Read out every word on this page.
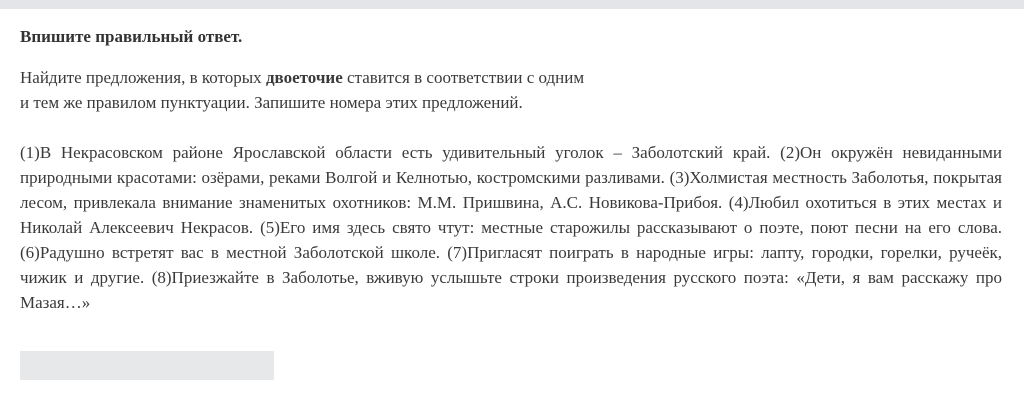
Впишите правильный ответ.

Найдите предложения, в которых двоеточие ставится в соответствии с одним
и тем же правилом пунктуации. Запишите номера этих предложений.

(1)В Некрасовском районе Ярославской области есть удивительный уголок – Заболотский край. (2)Он окружён невиданными природными красотами: озёрами, реками Волгой и Келнотью, костромскими разливами. (3)Холмистая местность Заболотья, покрытая лесом, привлекала внимание знаменитых охотников: М.М. Пришвина, А.С. Новикова-Прибоя. (4)Любил охотиться в этих местах и Николай Алексеевич Некрасов. (5)Его имя здесь свято чтут: местные старожилы рассказывают о поэте, поют песни на его слова. (6)Радушно встретят вас в местной Заболотской школе. (7)Пригласят поиграть в народные игры: лапту, городки, горелки, ручеёк, чижик и другие. (8)Приезжайте в Заболотье, вживую услышьте строки произведения русского поэта: «Дети, я вам расскажу про Мазая…»
